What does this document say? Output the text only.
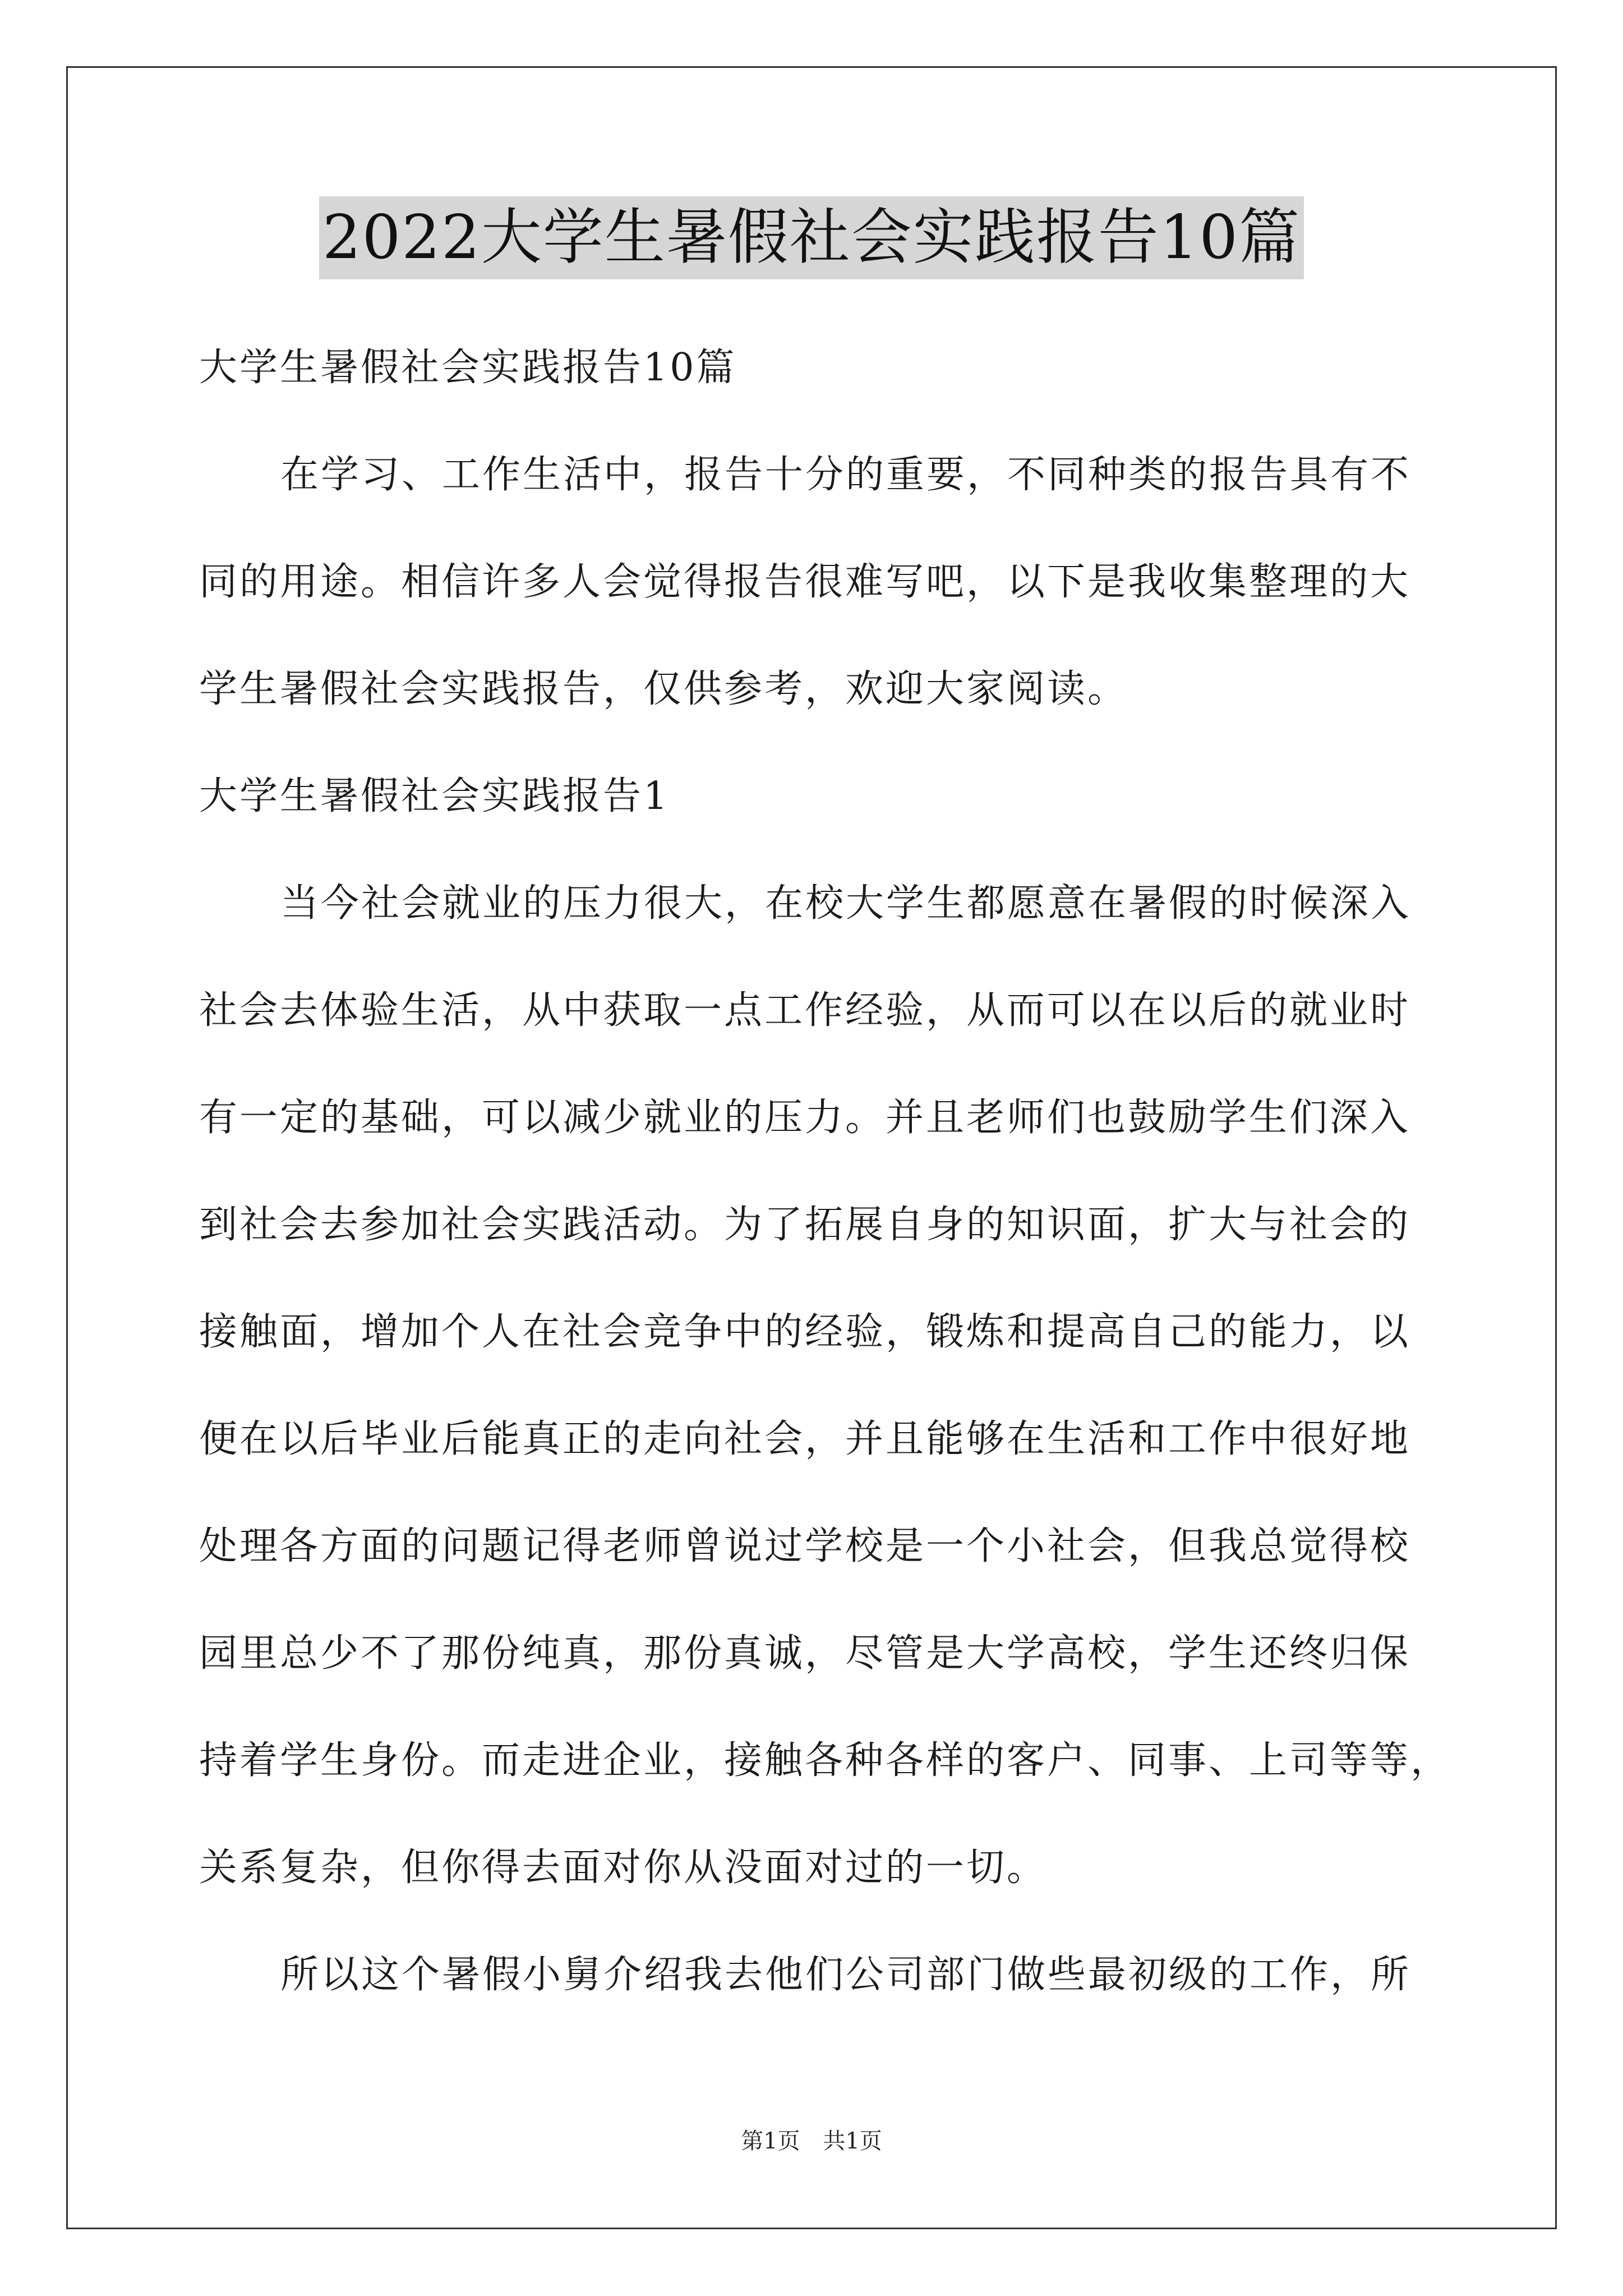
2022大学生暑假社会实践报告10篇
大学生暑假社会实践报告10篇
在学习、工作生活中，报告十分的重要，不同种类的报告具有不
同的用途。相信许多人会觉得报告很难写吧，以下是我收集整理的大
学生暑假社会实践报告，仅供参考，欢迎大家阅读。
大学生暑假社会实践报告1
当今社会就业的压力很大，在校大学生都愿意在暑假的时候深入
社会去体验生活，从中获取一点工作经验，从而可以在以后的就业时
有一定的基础，可以减少就业的压力。并且老师们也鼓励学生们深入
到社会去参加社会实践活动。为了拓展自身的知识面，扩大与社会的
接触面，增加个人在社会竞争中的经验，锻炼和提高自己的能力，以
便在以后毕业后能真正的走向社会，并且能够在生活和工作中很好地
处理各方面的问题记得老师曾说过学校是一个小社会，但我总觉得校
园里总少不了那份纯真，那份真诚，尽管是大学高校，学生还终归保
持着学生身份。而走进企业，接触各种各样的客户、同事、上司等等，
关系复杂，但你得去面对你从没面对过的一切。
所以这个暑假小舅介绍我去他们公司部门做些最初级的工作，所
第1页 共1页
